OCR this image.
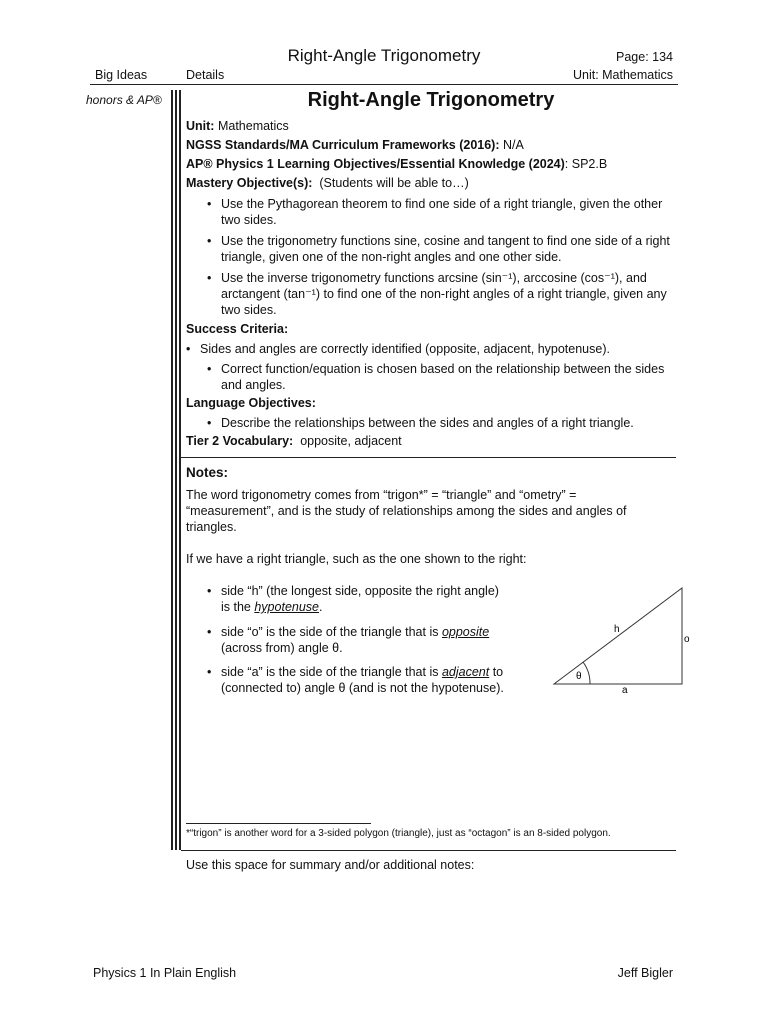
Right-Angle Trigonometry	Page: 134
Big Ideas	Details	Unit: Mathematics
honors & AP®	Right-Angle Trigonometry
Unit: Mathematics
NGSS Standards/MA Curriculum Frameworks (2016): N/A
AP® Physics 1 Learning Objectives/Essential Knowledge (2024): SP2.B
Mastery Objective(s): (Students will be able to…)
• Use the Pythagorean theorem to find one side of a right triangle, given the other two sides.
• Use the trigonometry functions sine, cosine and tangent to find one side of a right triangle, given one of the non-right angles and one other side.
• Use the inverse trigonometry functions arcsine (sin⁻¹), arccosine (cos⁻¹), and arctangent (tan⁻¹) to find one of the non-right angles of a right triangle, given any two sides.
Success Criteria:
• Sides and angles are correctly identified (opposite, adjacent, hypotenuse).
• Correct function/equation is chosen based on the relationship between the sides and angles.
Language Objectives:
• Describe the relationships between the sides and angles of a right triangle.
Tier 2 Vocabulary: opposite, adjacent
Notes:
The word trigonometry comes from “trigon*” = “triangle” and “ometry” = “measurement”, and is the study of relationships among the sides and angles of triangles.
If we have a right triangle, such as the one shown to the right:
• side “h” (the longest side, opposite the right angle) is the hypotenuse.
• side “o” is the side of the triangle that is opposite (across from) angle θ.
• side “a” is the side of the triangle that is adjacent to (connected to) angle θ (and is not the hypotenuse).
h
o
a
θ
*“trigon” is another word for a 3-sided polygon (triangle), just as “octagon” is an 8-sided polygon.
Use this space for summary and/or additional notes:
Physics 1 In Plain English	Jeff Bigler
